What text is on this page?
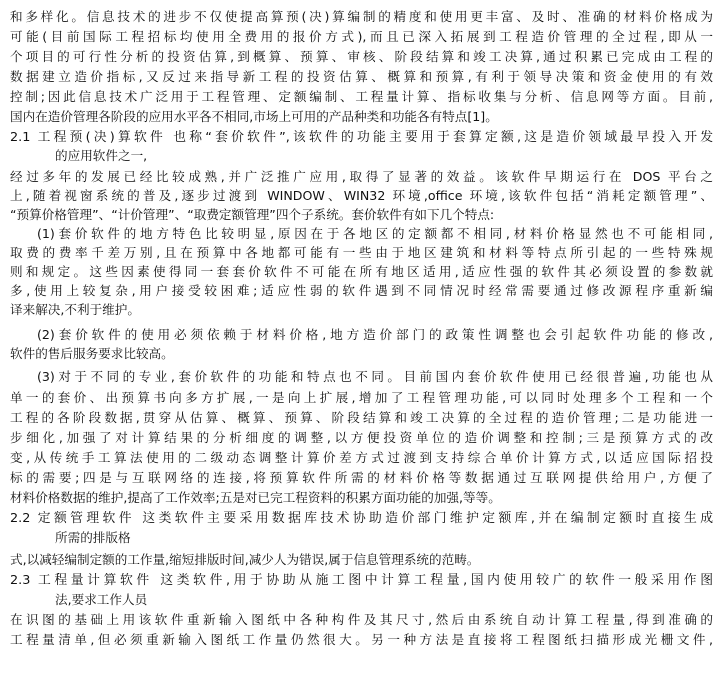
和多样化。信息技术的进步不仅使提高算预(决)算编制的精度和使用更丰富、及时、准确的材料价格成为
可能(目前国际工程招标均使用全费用的报价方式),而且已深入拓展到工程造价管理的全过程,即从一
个项目的可行性分析的投资估算,到概算、预算、审核、阶段结算和竣工决算,通过积累已完成由工程的
数据建立造价指标,又反过来指导新工程的投资估算、概算和预算,有利于领导决策和资金使用的有效
控制;因此信息技术广泛用于工程管理、定额编制、工程量计算、指标收集与分析、信息网等方面。目前,
国内在造价管理各阶段的应用水平各不相同,市场上可用的产品种类和功能各有特点[1]。
2.1 工程预(决)算软件 也称“套价软件”,该软件的功能主要用于套算定额,这是造价领域最早投入开发
的应用软件之一,
经过多年的发展已经比较成熟,并广泛推广应用,取得了显著的效益。该软件早期运行在 DOS 平台之
上,随着视窗系统的普及,逐步过渡到 WINDOW、WIN32 环境,office 环境,该软件包括“消耗定额管理”、
“预算价格管理”、“计价管理”、“取费定额管理”四个子系统。套价软件有如下几个特点:
(1)套价软件的地方特色比较明显,原因在于各地区的定额都不相同,材料价格显然也不可能相同,
取费的费率千差万别,且在预算中各地都可能有一些由于地区建筑和材料等特点所引起的一些特殊规
则和规定。这些因素使得同一套套价软件不可能在所有地区适用,适应性强的软件其必须设置的参数就
多,使用上较复杂,用户接受较困难;适应性弱的软件遇到不同情况时经常需要通过修改源程序重新编
译来解决,不利于维护。
(2)套价软件的使用必须依赖于材料价格,地方造价部门的政策性调整也会引起软件功能的修改,
软件的售后服务要求比较高。
(3)对于不同的专业,套价软件的功能和特点也不同。目前国内套价软件使用已经很普遍,功能也从
单一的套价、出预算书向多方扩展,一是向上扩展,增加了工程管理功能,可以同时处理多个工程和一个
工程的各阶段数据,贯穿从估算、概算、预算、阶段结算和竣工决算的全过程的造价管理;二是功能进一
步细化,加强了对计算结果的分析细度的调整,以方便投资单位的造价调整和控制;三是预算方式的改
变,从传统手工算法使用的二级动态调整计算价差方式过渡到支持综合单价计算方式,以适应国际招投
标的需要;四是与互联网络的连接,将预算软件所需的材料价格等数据通过互联网提供给用户,方便了
材料价格数据的维护,提高了工作效率;五是对已完工程资料的积累方面功能的加强,等等。
2.2 定额管理软件 这类软件主要采用数据库技术协助造价部门维护定额库,并在编制定额时直接生成
所需的排版格
式,以减轻编制定额的工作量,缩短排版时间,减少人为错误,属于信息管理系统的范畴。
2.3 工程量计算软件 这类软件,用于协助从施工图中计算工程量,国内使用较广的软件一般采用作图
法,要求工作人员
在识图的基础上用该软件重新输入图纸中各种构件及其尺寸,然后由系统自动计算工程量,得到准确的
工程量清单,但必须重新输入图纸工作量仍然很大。另一种方法是直接将工程图纸扫描形成光栅文件,
